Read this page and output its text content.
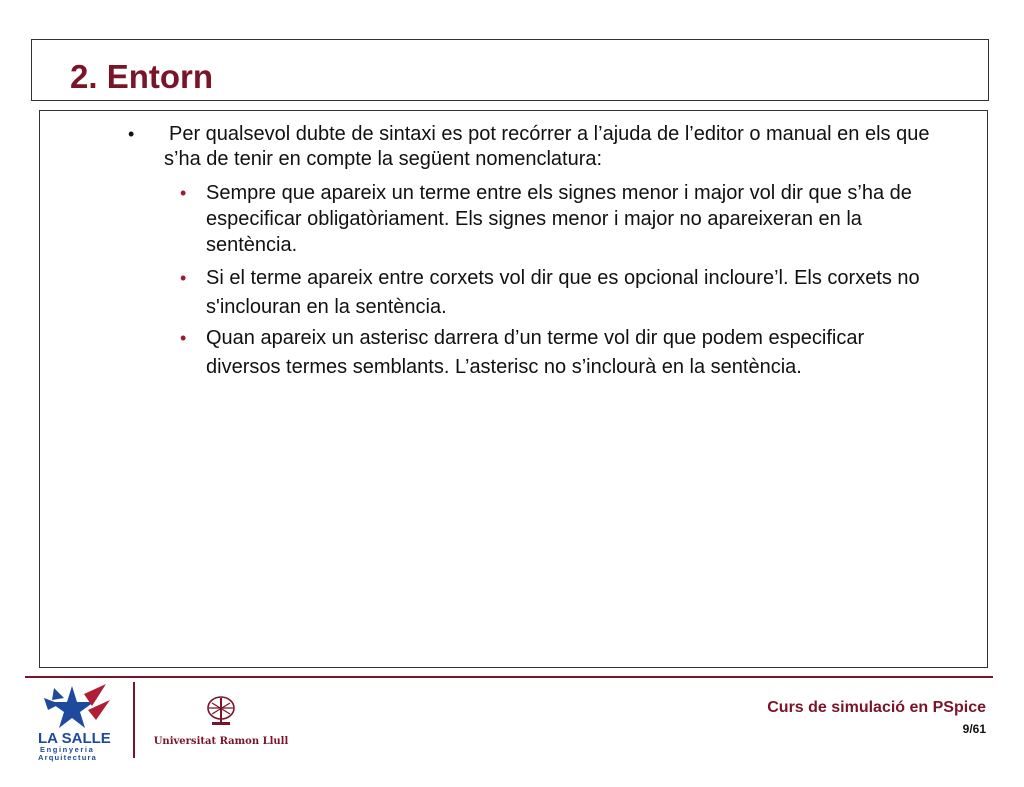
2. Entorn
•	Per qualsevol dubte de sintaxi es pot recórrer a l’ajuda de l’editor o manual en els que s’ha de tenir en compte la següent nomenclatura:
• Sempre que apareix un terme entre els signes menor i major vol dir que s’ha de especificar obligatòriament. Els signes menor i major no apareixeran en la sentència.
• Si el terme apareix entre corxets vol dir que es opcional incloure’l. Els corxets no s'inclouran en la sentència.
• Quan apareix un asterisc darrera d’un terme vol dir que podem especificar diversos termes semblants. L’asterisc no s’inclourà en la sentència.
LA SALLE
Enginyeria
Arquitectura
Universitat Ramon Llull
Curs de simulació en PSpice
9/61
